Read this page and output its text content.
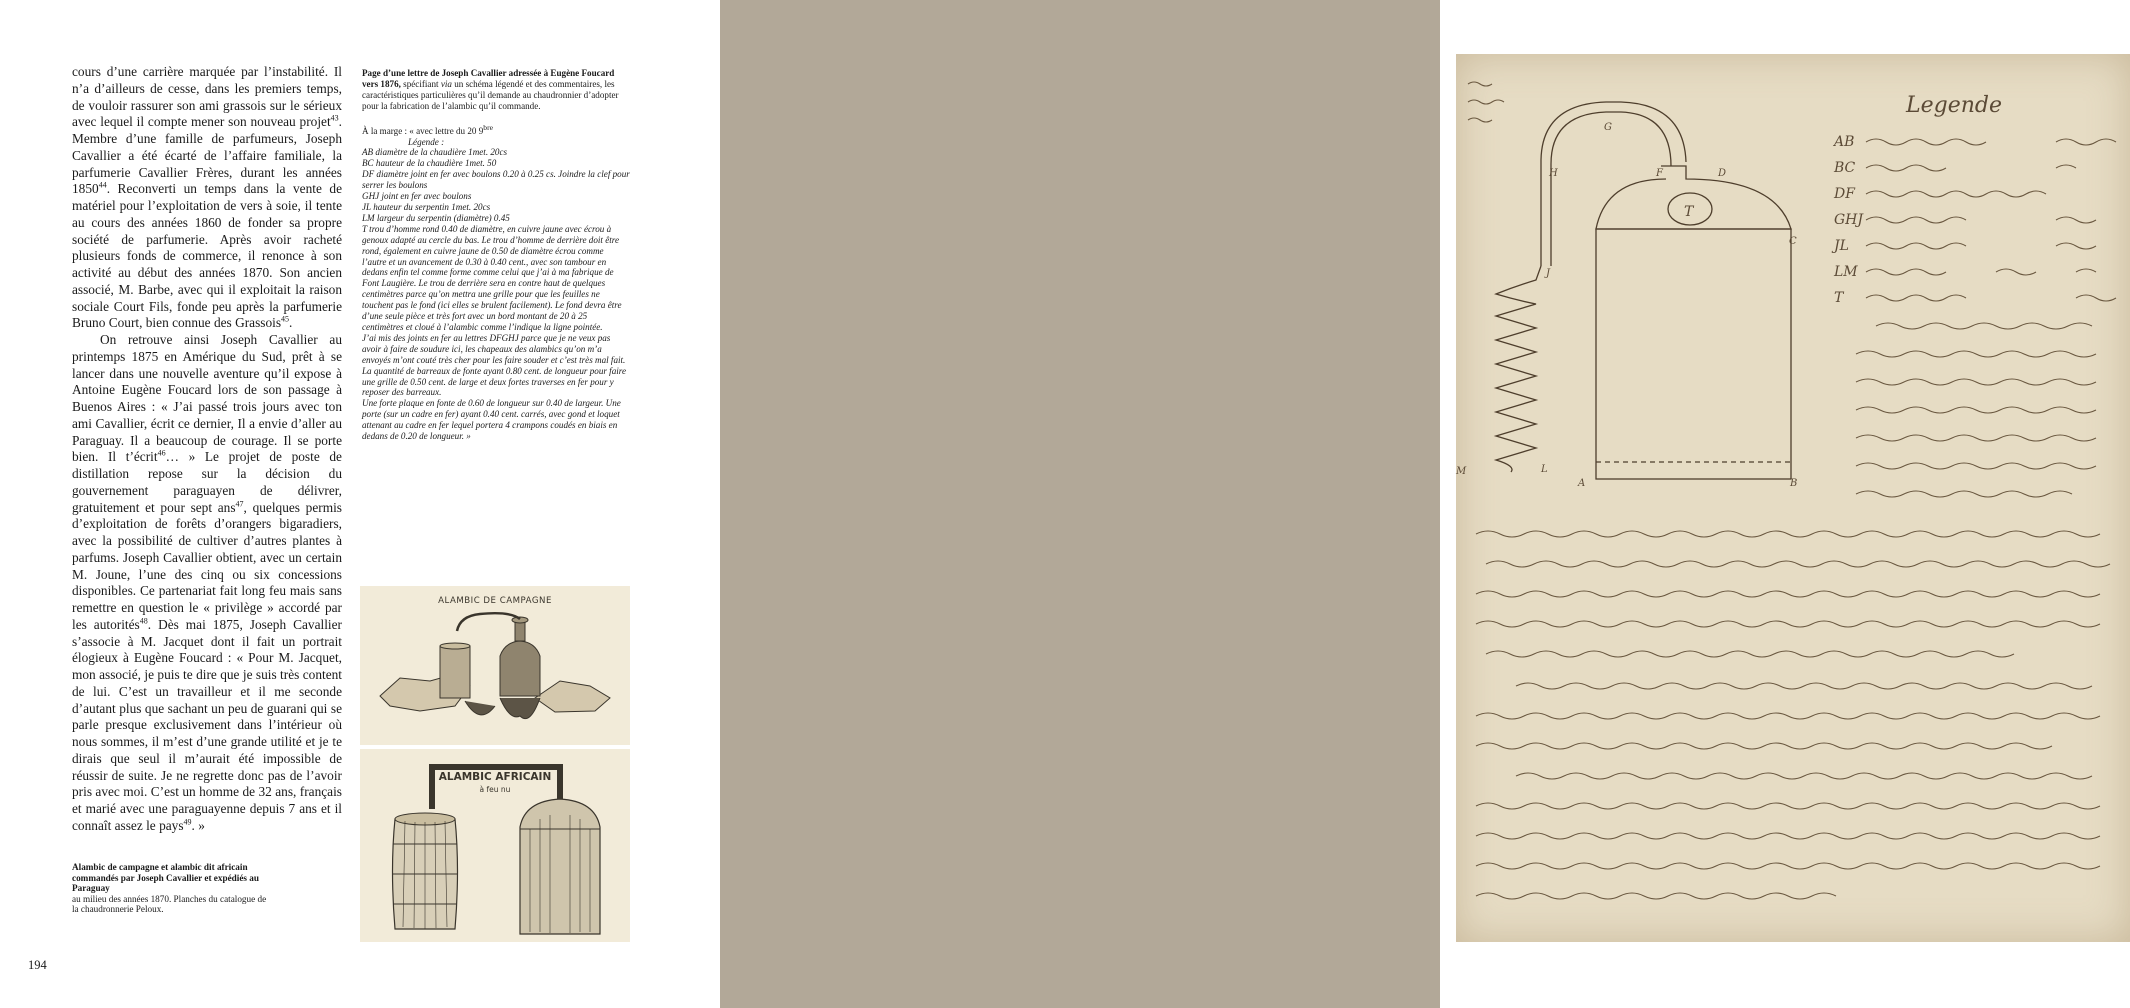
cours d’une carrière marquée par l’instabilité. Il n’a d’ailleurs de cesse, dans les premiers temps, de vouloir rassurer son ami grassois sur le sérieux avec lequel il compte mener son nouveau projet$^{43}$. Membre d’une famille de parfumeurs, Joseph Cavallier a été écarté de l’affaire familiale, la parfumerie Cavallier Frères, durant les années 1850$^{44}$. Reconverti un temps dans la vente de matériel pour l’exploitation de vers à soie, il tente au cours des années 1860 de fonder sa propre société de parfumerie. Après avoir racheté plusieurs fonds de commerce, il renonce à son activité au début des années 1870. Son ancien associé, M. Barbe, avec qui il exploitait la raison sociale Court Fils, fonde peu après la parfumerie Bruno Court, bien connue des Grassois$^{45}$.

On retrouve ainsi Joseph Cavallier au printemps 1875 en Amérique du Sud, prêt à se lancer dans une nouvelle aventure qu’il expose à Antoine Eugène Foucard lors de son passage à Buenos Aires : « J’ai passé trois jours avec ton ami Cavallier, écrit ce dernier, Il a envie d’aller au Paraguay. Il a beaucoup de courage. Il se porte bien. Il t’écrit$^{46}$… » Le projet de poste de distillation repose sur la décision du gouvernement paraguayen de délivrer, gratuitement et pour sept ans$^{47}$, quelques permis d’exploitation de forêts d’orangers bigaradiers, avec la possibilité de cultiver d’autres plantes à parfums. Joseph Cavallier obtient, avec un certain M. Joune, l’une des cinq ou six concessions disponibles. Ce partenariat fait long feu mais sans remettre en question le « privilège » accordé par les autorités$^{48}$. Dès mai 1875, Joseph Cavallier s’associe à M. Jacquet dont il fait un portrait élogieux à Eugène Foucard : « Pour M. Jacquet, mon associé, je puis te dire que je suis très content de lui. C’est un travailleur et il me seconde d’autant plus que sachant un peu de guarani qui se parle presque exclusivement dans l’intérieur où nous sommes, il m’est d’une grande utilité et je te dirais que seul il m’aurait été impossible de réussir de suite. Je ne regrette donc pas de l’avoir pris avec moi. C’est un homme de 32 ans, français et marié avec une paraguayenne depuis 7 ans et il connaît assez le pays$^{49}$. »

Page d’une lettre de Joseph Cavallier adressée à Eugène Foucard vers 1876, spécifiant via un schéma légendé et des commentaires, les caractéristiques particulières qu’il demande au chaudronnier d’adopter pour la fabrication de l’alambic qu’il commande.

À la marge : « avec lettre du 20 $9^{bre}$

Légende :

AB diamètre de la chaudière 1met. 20cs

BC hauteur de la chaudière 1met. 50

DF diamètre joint en fer avec boulons 0.20 à 0.25 cs. Joindre la clef pour serrer les boulons

GHJ joint en fer avec boulons

JL hauteur du serpentin 1met. 20cs

LM largeur du serpentin (diamètre) 0.45

T trou d’homme rond 0.40 de diamètre, en cuivre jaune avec écrou à genoux adapté au cercle du bas. Le trou d’homme de derrière doit être rond, également en cuivre jaune de 0.50 de diamètre écrou comme l’autre et un avancement de 0.30 à 0.40 cent., avec son tambour en dedans enfin tel comme forme comme celui que j’ai à ma fabrique de Font Laugière. Le trou de derrière sera en contre haut de quelques centimètres parce qu’on mettra une grille pour que les feuilles ne touchent pas le fond (ici elles se brulent facilement). Le fond devra être d’une seule pièce et très fort avec un bord montant de 20 à 25 centimètres et cloué à l’alambic comme l’indique la ligne pointée.

J’ai mis des joints en fer au lettres DFGHJ parce que je ne veux pas avoir à faire de soudure ici, les chapeaux des alambics qu’on m’a envoyés m’ont couté très cher pour les faire souder et c’est très mal fait.

La quantité de barreaux de fonte ayant 0.80 cent. de longueur pour faire une grille de 0.50 cent. de large et deux fortes traverses en fer pour y reposer des barreaux.

Une forte plaque en fonte de 0.60 de longueur sur 0.40 de largeur. Une porte (sur un cadre en fer) ayant 0.40 cent. carrés, avec gond et loquet attenant au cadre en fer lequel portera 4 crampons coudés en biais en dedans de 0.20 de longueur. »

ALAMBIC DE CAMPAGNE
ALAMBIC AFRICAIN
à feu nu
Alambic de campagne et alambic dit africain commandés par Joseph Cavallier et expédiés au Paraguay
au milieu des années 1870. Planches du catalogue de la chaudronnerie Peloux.
194
G
H	F	D
T
C
J
M	L
A	B
Legende
AB
BC
DF
GHJ
JL
LM
T
